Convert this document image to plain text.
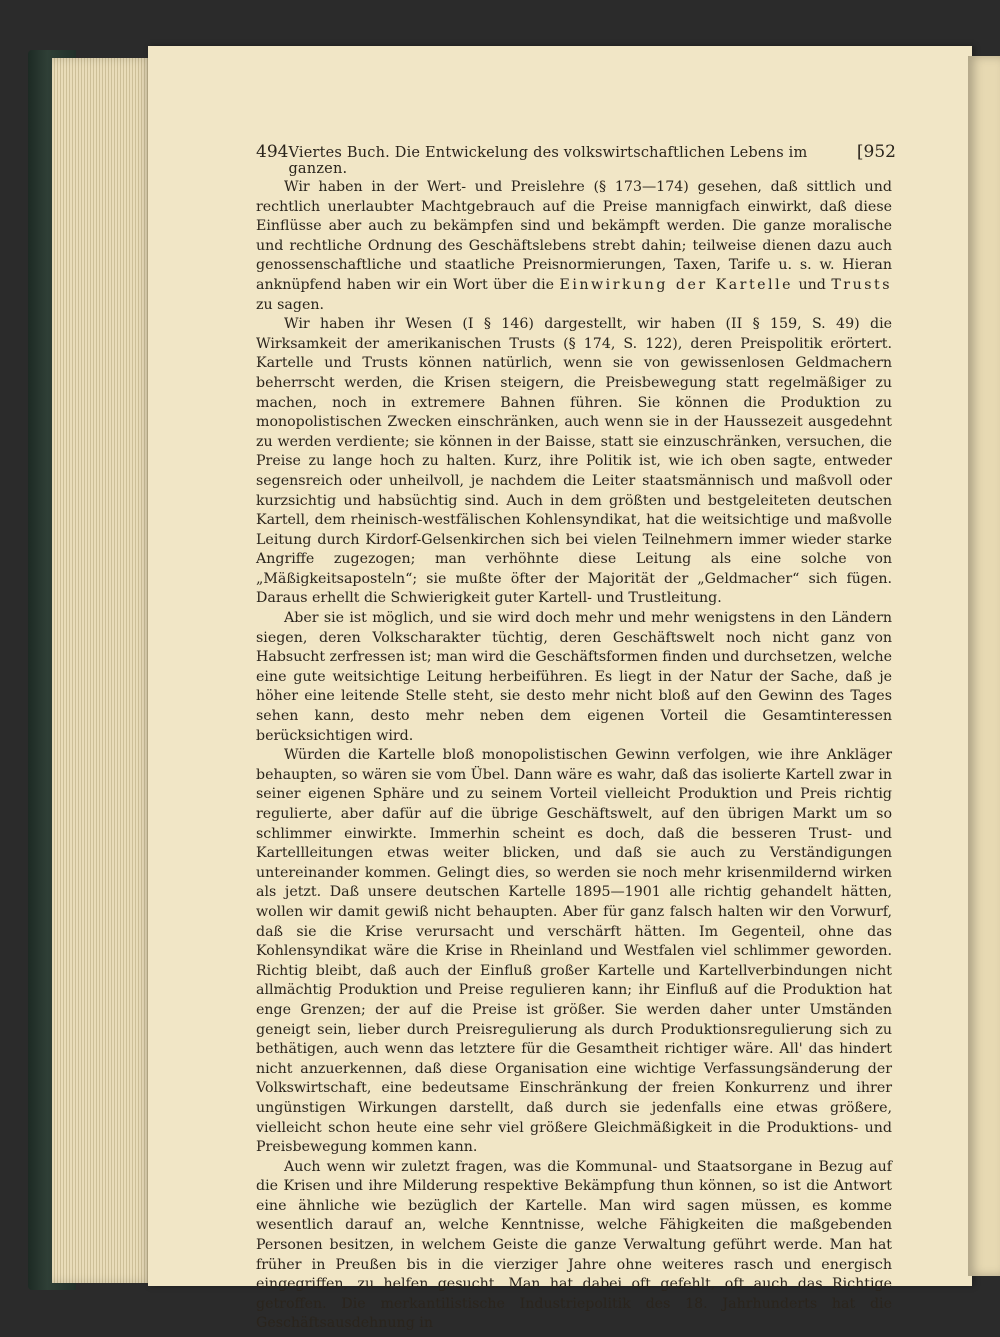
494 Viertes Buch. Die Entwickelung des volkswirtschaftlichen Lebens im ganzen.
[952

Wir haben in der Wert- und Preislehre (§ 173—174) gesehen, daß sittlich und rechtlich unerlaubter Machtgebrauch auf die Preise mannigfach einwirkt, daß diese Einflüsse aber auch zu bekämpfen sind und bekämpft werden. Die ganze moralische und rechtliche Ordnung des Geschäftslebens strebt dahin; teilweise dienen dazu auch genossenschaftliche und staatliche Preisnormierungen, Taxen, Tarife u. s. w. Hieran anknüpfend haben wir ein Wort über die Einwirkung der Kartelle und Trusts zu sagen.

Wir haben ihr Wesen (I § 146) dargestellt, wir haben (II § 159, S. 49) die Wirksamkeit der amerikanischen Trusts (§ 174, S. 122), deren Preispolitik erörtert. Kartelle und Trusts können natürlich, wenn sie von gewissenlosen Geldmachern beherrscht werden, die Krisen steigern, die Preisbewegung statt regelmäßiger zu machen, noch in extremere Bahnen führen. Sie können die Produktion zu monopolistischen Zwecken einschränken, auch wenn sie in der Haussezeit ausgedehnt zu werden verdiente; sie können in der Baisse, statt sie einzuschränken, versuchen, die Preise zu lange hoch zu halten. Kurz, ihre Politik ist, wie ich oben sagte, entweder segensreich oder unheilvoll, je nachdem die Leiter staatsmännisch und maßvoll oder kurzsichtig und habsüchtig sind. Auch in dem größten und bestgeleiteten deutschen Kartell, dem rheinisch-westfälischen Kohlensyndikat, hat die weitsichtige und maßvolle Leitung durch Kirdorf-Gelsenkirchen sich bei vielen Teilnehmern immer wieder starke Angriffe zugezogen; man verhöhnte diese Leitung als eine solche von „Mäßigkeitsaposteln“; sie mußte öfter der Majorität der „Geldmacher“ sich fügen. Daraus erhellt die Schwierigkeit guter Kartell- und Trustleitung.

Aber sie ist möglich, und sie wird doch mehr und mehr wenigstens in den Ländern siegen, deren Volkscharakter tüchtig, deren Geschäftswelt noch nicht ganz von Habsucht zerfressen ist; man wird die Geschäftsformen finden und durchsetzen, welche eine gute weitsichtige Leitung herbeiführen. Es liegt in der Natur der Sache, daß je höher eine leitende Stelle steht, sie desto mehr nicht bloß auf den Gewinn des Tages sehen kann, desto mehr neben dem eigenen Vorteil die Gesamtinteressen berücksichtigen wird.

Würden die Kartelle bloß monopolistischen Gewinn verfolgen, wie ihre Ankläger behaupten, so wären sie vom Übel. Dann wäre es wahr, daß das isolierte Kartell zwar in seiner eigenen Sphäre und zu seinem Vorteil vielleicht Produktion und Preis richtig regulierte, aber dafür auf die übrige Geschäftswelt, auf den übrigen Markt um so schlimmer einwirkte. Immerhin scheint es doch, daß die besseren Trust- und Kartellleitungen etwas weiter blicken, und daß sie auch zu Verständigungen untereinander kommen. Gelingt dies, so werden sie noch mehr krisenmildernd wirken als jetzt. Daß unsere deutschen Kartelle 1895—1901 alle richtig gehandelt hätten, wollen wir damit gewiß nicht behaupten. Aber für ganz falsch halten wir den Vorwurf, daß sie die Krise verursacht und verschärft hätten. Im Gegenteil, ohne das Kohlensyndikat wäre die Krise in Rheinland und Westfalen viel schlimmer geworden. Richtig bleibt, daß auch der Einfluß großer Kartelle und Kartellverbindungen nicht allmächtig Produktion und Preise regulieren kann; ihr Einfluß auf die Produktion hat enge Grenzen; der auf die Preise ist größer. Sie werden daher unter Umständen geneigt sein, lieber durch Preisregulierung als durch Produktionsregulierung sich zu bethätigen, auch wenn das letztere für die Gesamtheit richtiger wäre. All' das hindert nicht anzuerkennen, daß diese Organisation eine wichtige Verfassungsänderung der Volkswirtschaft, eine bedeutsame Einschränkung der freien Konkurrenz und ihrer ungünstigen Wirkungen darstellt, daß durch sie jedenfalls eine etwas größere, vielleicht schon heute eine sehr viel größere Gleichmäßigkeit in die Produktions- und Preisbewegung kommen kann.

Auch wenn wir zuletzt fragen, was die Kommunal- und Staatsorgane in Bezug auf die Krisen und ihre Milderung respektive Bekämpfung thun können, so ist die Antwort eine ähnliche wie bezüglich der Kartelle. Man wird sagen müssen, es komme wesentlich darauf an, welche Kenntnisse, welche Fähigkeiten die maßgebenden Personen besitzen, in welchem Geiste die ganze Verwaltung geführt werde. Man hat früher in Preußen bis in die vierziger Jahre ohne weiteres rasch und energisch eingegriffen, zu helfen gesucht. Man hat dabei oft gefehlt, oft auch das Richtige getroffen. Die merkantilistische Industriepolitik des 18. Jahrhunderts hat die Geschäftsausdehnung in
